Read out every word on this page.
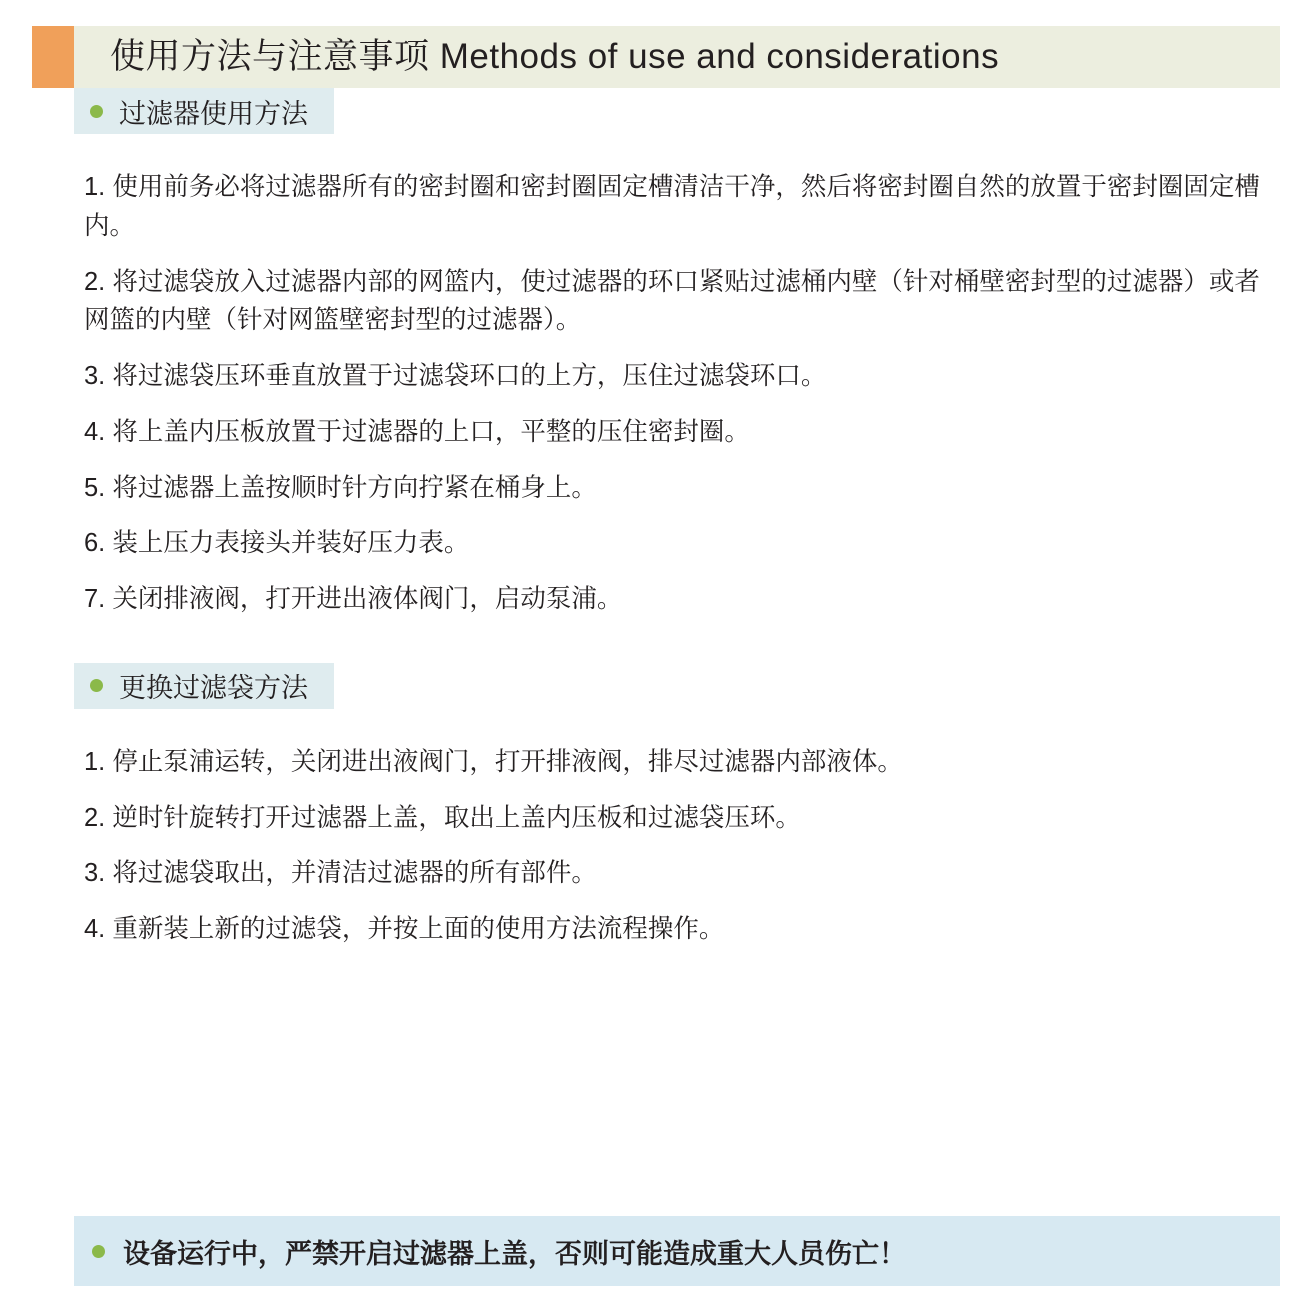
使用方法与注意事项 Methods of use and considerations
过滤器使用方法
1. 使用前务必将过滤器所有的密封圈和密封圈固定槽清洁干净，然后将密封圈自然的放置于密封圈固定槽内。
2. 将过滤袋放入过滤器内部的网篮内，使过滤器的环口紧贴过滤桶内壁（针对桶壁密封型的过滤器）或者网篮的内壁（针对网篮壁密封型的过滤器）。
3. 将过滤袋压环垂直放置于过滤袋环口的上方，压住过滤袋环口。
4. 将上盖内压板放置于过滤器的上口，平整的压住密封圈。
5. 将过滤器上盖按顺时针方向拧紧在桶身上。
6. 装上压力表接头并装好压力表。
7. 关闭排液阀，打开进出液体阀门，启动泵浦。
更换过滤袋方法
1. 停止泵浦运转，关闭进出液阀门，打开排液阀，排尽过滤器内部液体。
2. 逆时针旋转打开过滤器上盖，取出上盖内压板和过滤袋压环。
3. 将过滤袋取出，并清洁过滤器的所有部件。
4. 重新装上新的过滤袋，并按上面的使用方法流程操作。
设备运行中，严禁开启过滤器上盖，否则可能造成重大人员伤亡！
